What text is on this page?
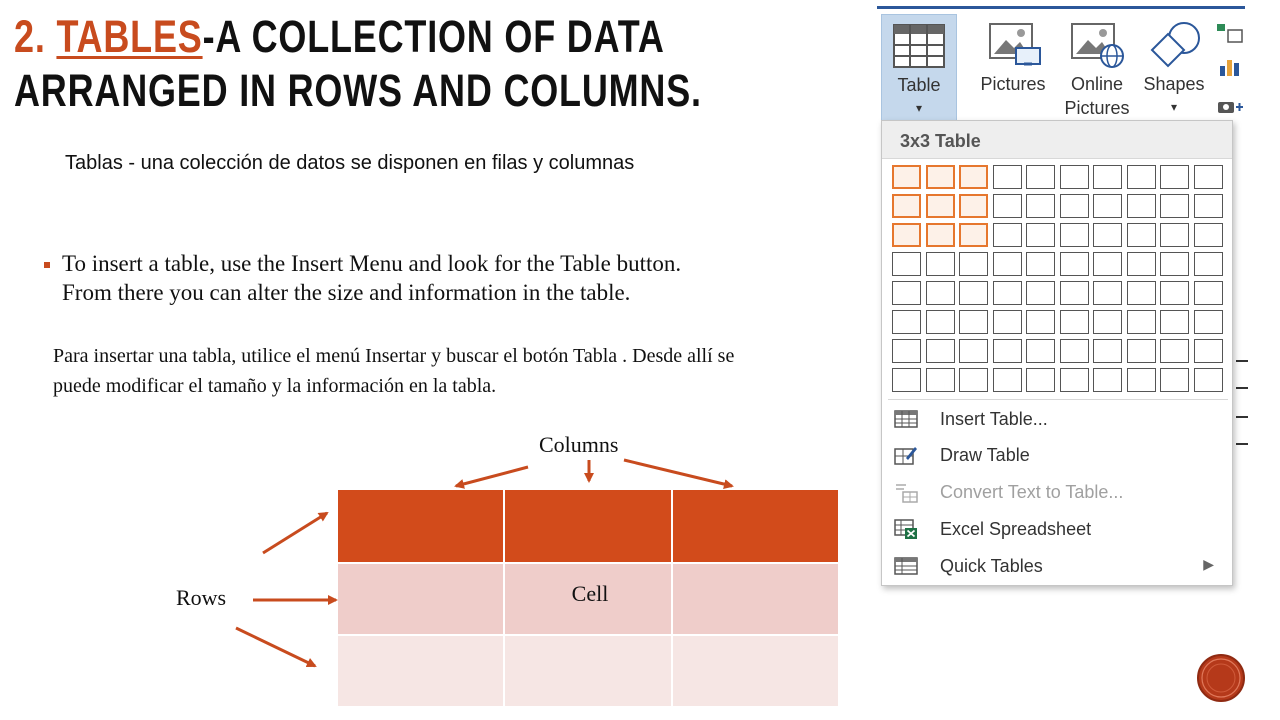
2. TABLES-A COLLECTION OF DATA
ARRANGED IN ROWS AND COLUMNS.
Tablas - una colección de datos se disponen en filas y columnas
To insert a table, use the Insert Menu and look for the Table button. From there you can alter the size and information in the table.
Para insertar una tabla, utilice el menú Insertar y buscar el botón Tabla . Desde allí se puede modificar el tamaño y la información en la tabla.
Columns
Rows	Cell
Table
▾
Pictures	Online
Pictures
Shapes
▾
3x3 Table
Insert Table...
Draw Table
Convert Text to Table...
Excel Spreadsheet
Quick Tables	▶
